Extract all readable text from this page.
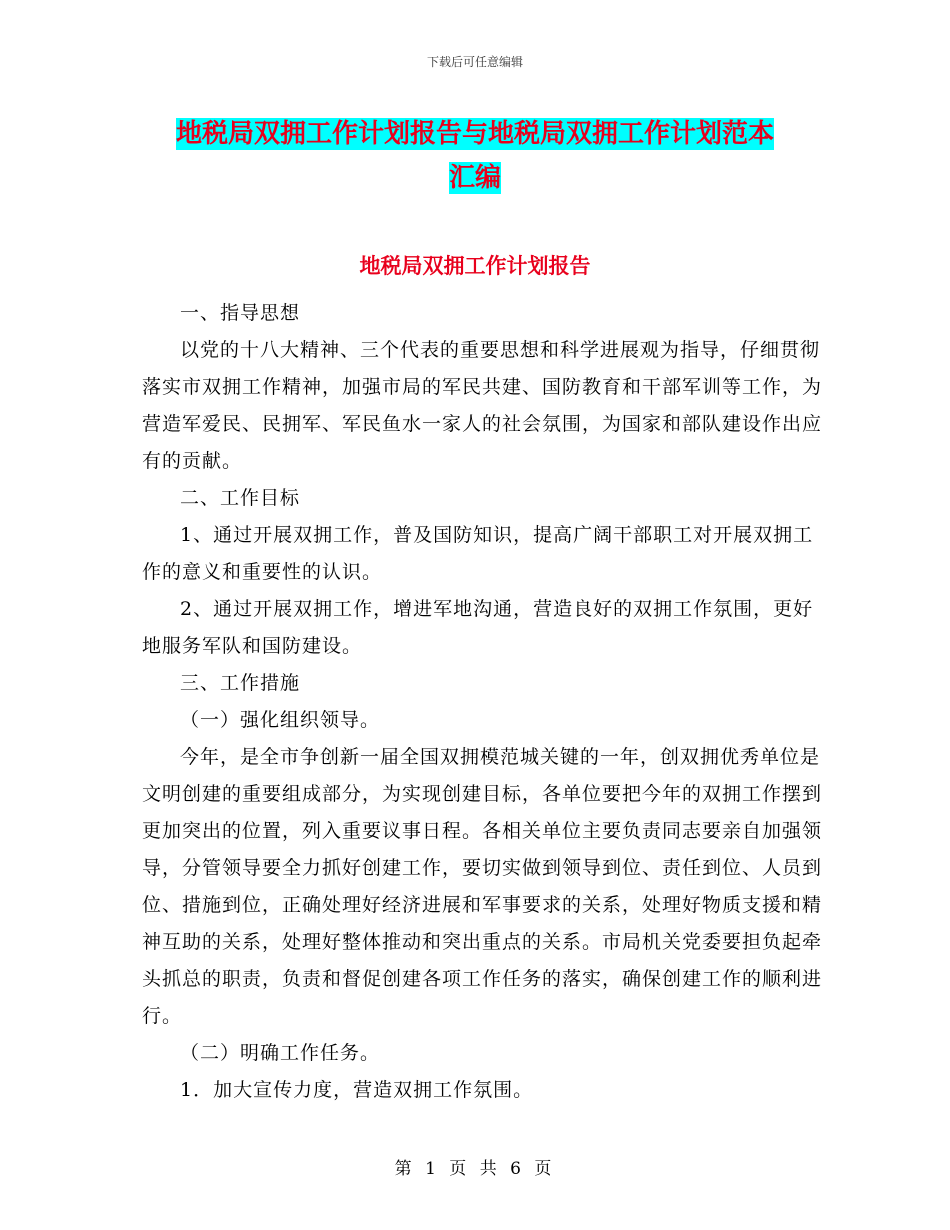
下载后可任意编辑
地税局双拥工作计划报告与地税局双拥工作计划范本
汇编
地税局双拥工作计划报告

一、指导思想

以党的十八大精神、三个代表的重要思想和科学进展观为指导，仔细贯彻落实市双拥工作精神，加强市局的军民共建、国防教育和干部军训等工作，为营造军爱民、民拥军、军民鱼水一家人的社会氛围，为国家和部队建设作出应有的贡献。

二、工作目标

1、通过开展双拥工作，普及国防知识，提高广阔干部职工对开展双拥工作的意义和重要性的认识。

2、通过开展双拥工作，增进军地沟通，营造良好的双拥工作氛围，更好地服务军队和国防建设。

三、工作措施

（一）强化组织领导。

今年，是全市争创新一届全国双拥模范城关键的一年，创双拥优秀单位是文明创建的重要组成部分，为实现创建目标，各单位要把今年的双拥工作摆到更加突出的位置，列入重要议事日程。各相关单位主要负责同志要亲自加强领导，分管领导要全力抓好创建工作，要切实做到领导到位、责任到位、人员到位、措施到位，正确处理好经济进展和军事要求的关系，处理好物质支援和精神互助的关系，处理好整体推动和突出重点的关系。市局机关党委要担负起牵头抓总的职责，负责和督促创建各项工作任务的落实，确保创建工作的顺利进行。

（二）明确工作任务。

1．加大宣传力度，营造双拥工作氛围。

第 1 页 共 6 页
